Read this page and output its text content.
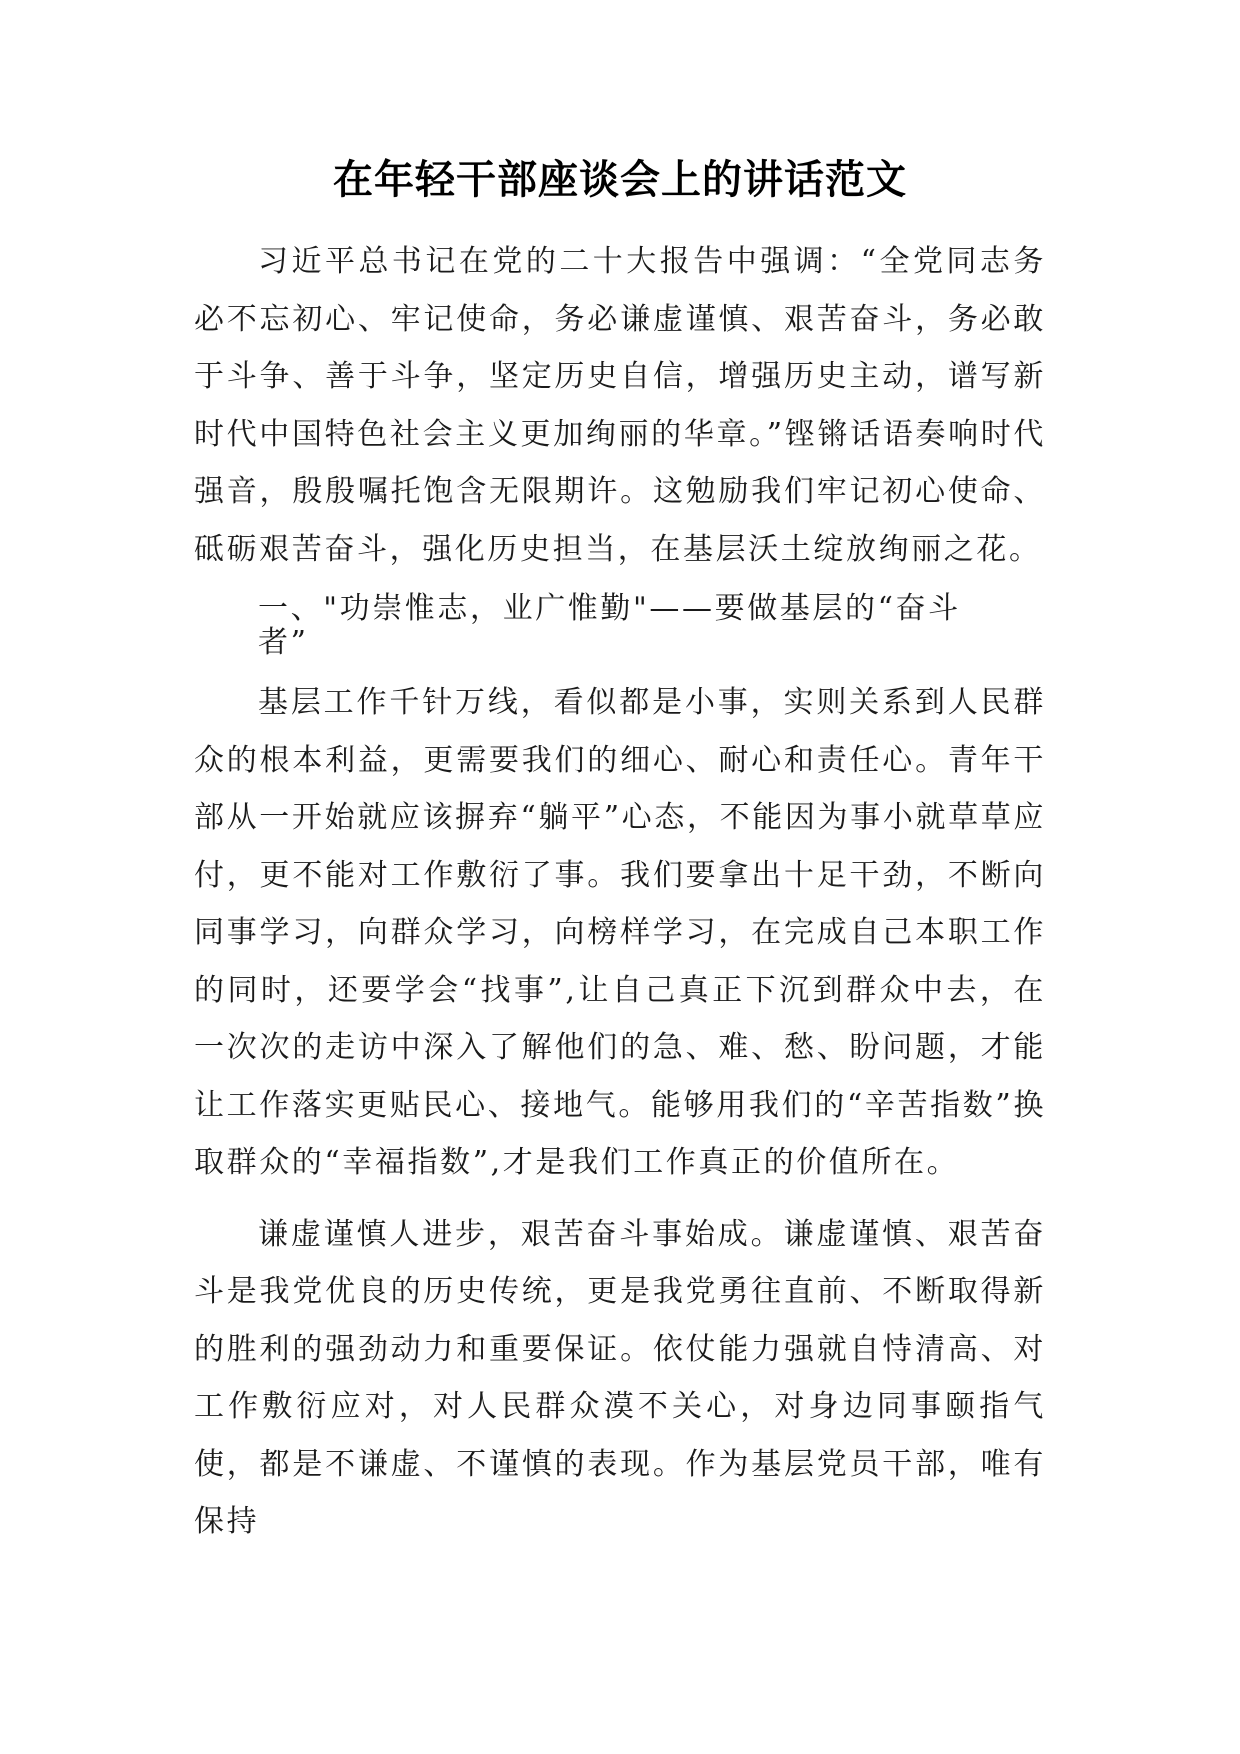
在年轻干部座谈会上的讲话范文

习近平总书记在党的二十大报告中强调：“全党同志务必不忘初心、牢记使命，务必谦虚谨慎、艰苦奋斗，务必敢于斗争、善于斗争，坚定历史自信，增强历史主动，谱写新时代中国特色社会主义更加绚丽的华章。”铿锵话语奏响时代强音，殷殷嘱托饱含无限期许。这勉励我们牢记初心使命、砥砺艰苦奋斗，强化历史担当，在基层沃土绽放绚丽之花。

一、"功崇惟志，业广惟勤"——要做基层的“奋斗者”

基层工作千针万线，看似都是小事，实则关系到人民群众的根本利益，更需要我们的细心、耐心和责任心。青年干部从一开始就应该摒弃“躺平”心态，不能因为事小就草草应付，更不能对工作敷衍了事。我们要拿出十足干劲，不断向同事学习，向群众学习，向榜样学习，在完成自己本职工作的同时，还要学会“找事”,让自己真正下沉到群众中去，在一次次的走访中深入了解他们的急、难、愁、盼问题，才能让工作落实更贴民心、接地气。能够用我们的“辛苦指数”换取群众的“幸福指数”,才是我们工作真正的价值所在。

谦虚谨慎人进步，艰苦奋斗事始成。谦虚谨慎、艰苦奋斗是我党优良的历史传统，更是我党勇往直前、不断取得新的胜利的强劲动力和重要保证。依仗能力强就自恃清高、对工作敷衍应对，对人民群众漠不关心，对身边同事颐指气使，都是不谦虚、不谨慎的表现。作为基层党员干部，唯有保持
